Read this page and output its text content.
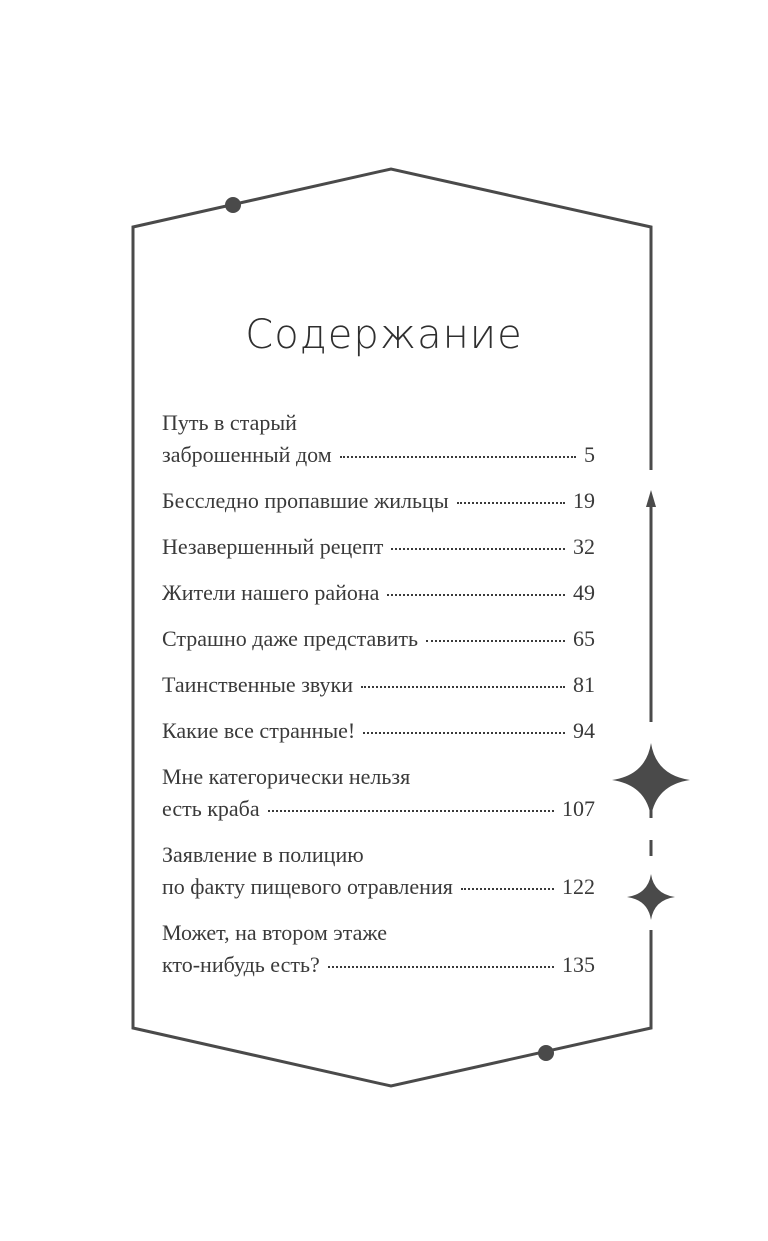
Содержание
Путь в старый
заброшенный дом	5
Бесследно пропавшие жильцы	19
Незавершенный рецепт	32
Жители нашего района	49
Страшно даже представить	65
Таинственные звуки	81
Какие все странные!	94
Мне категорически нельзя
есть краба	107
Заявление в полицию
по факту пищевого отравления	122
Может, на втором этаже
кто-нибудь есть?	135
